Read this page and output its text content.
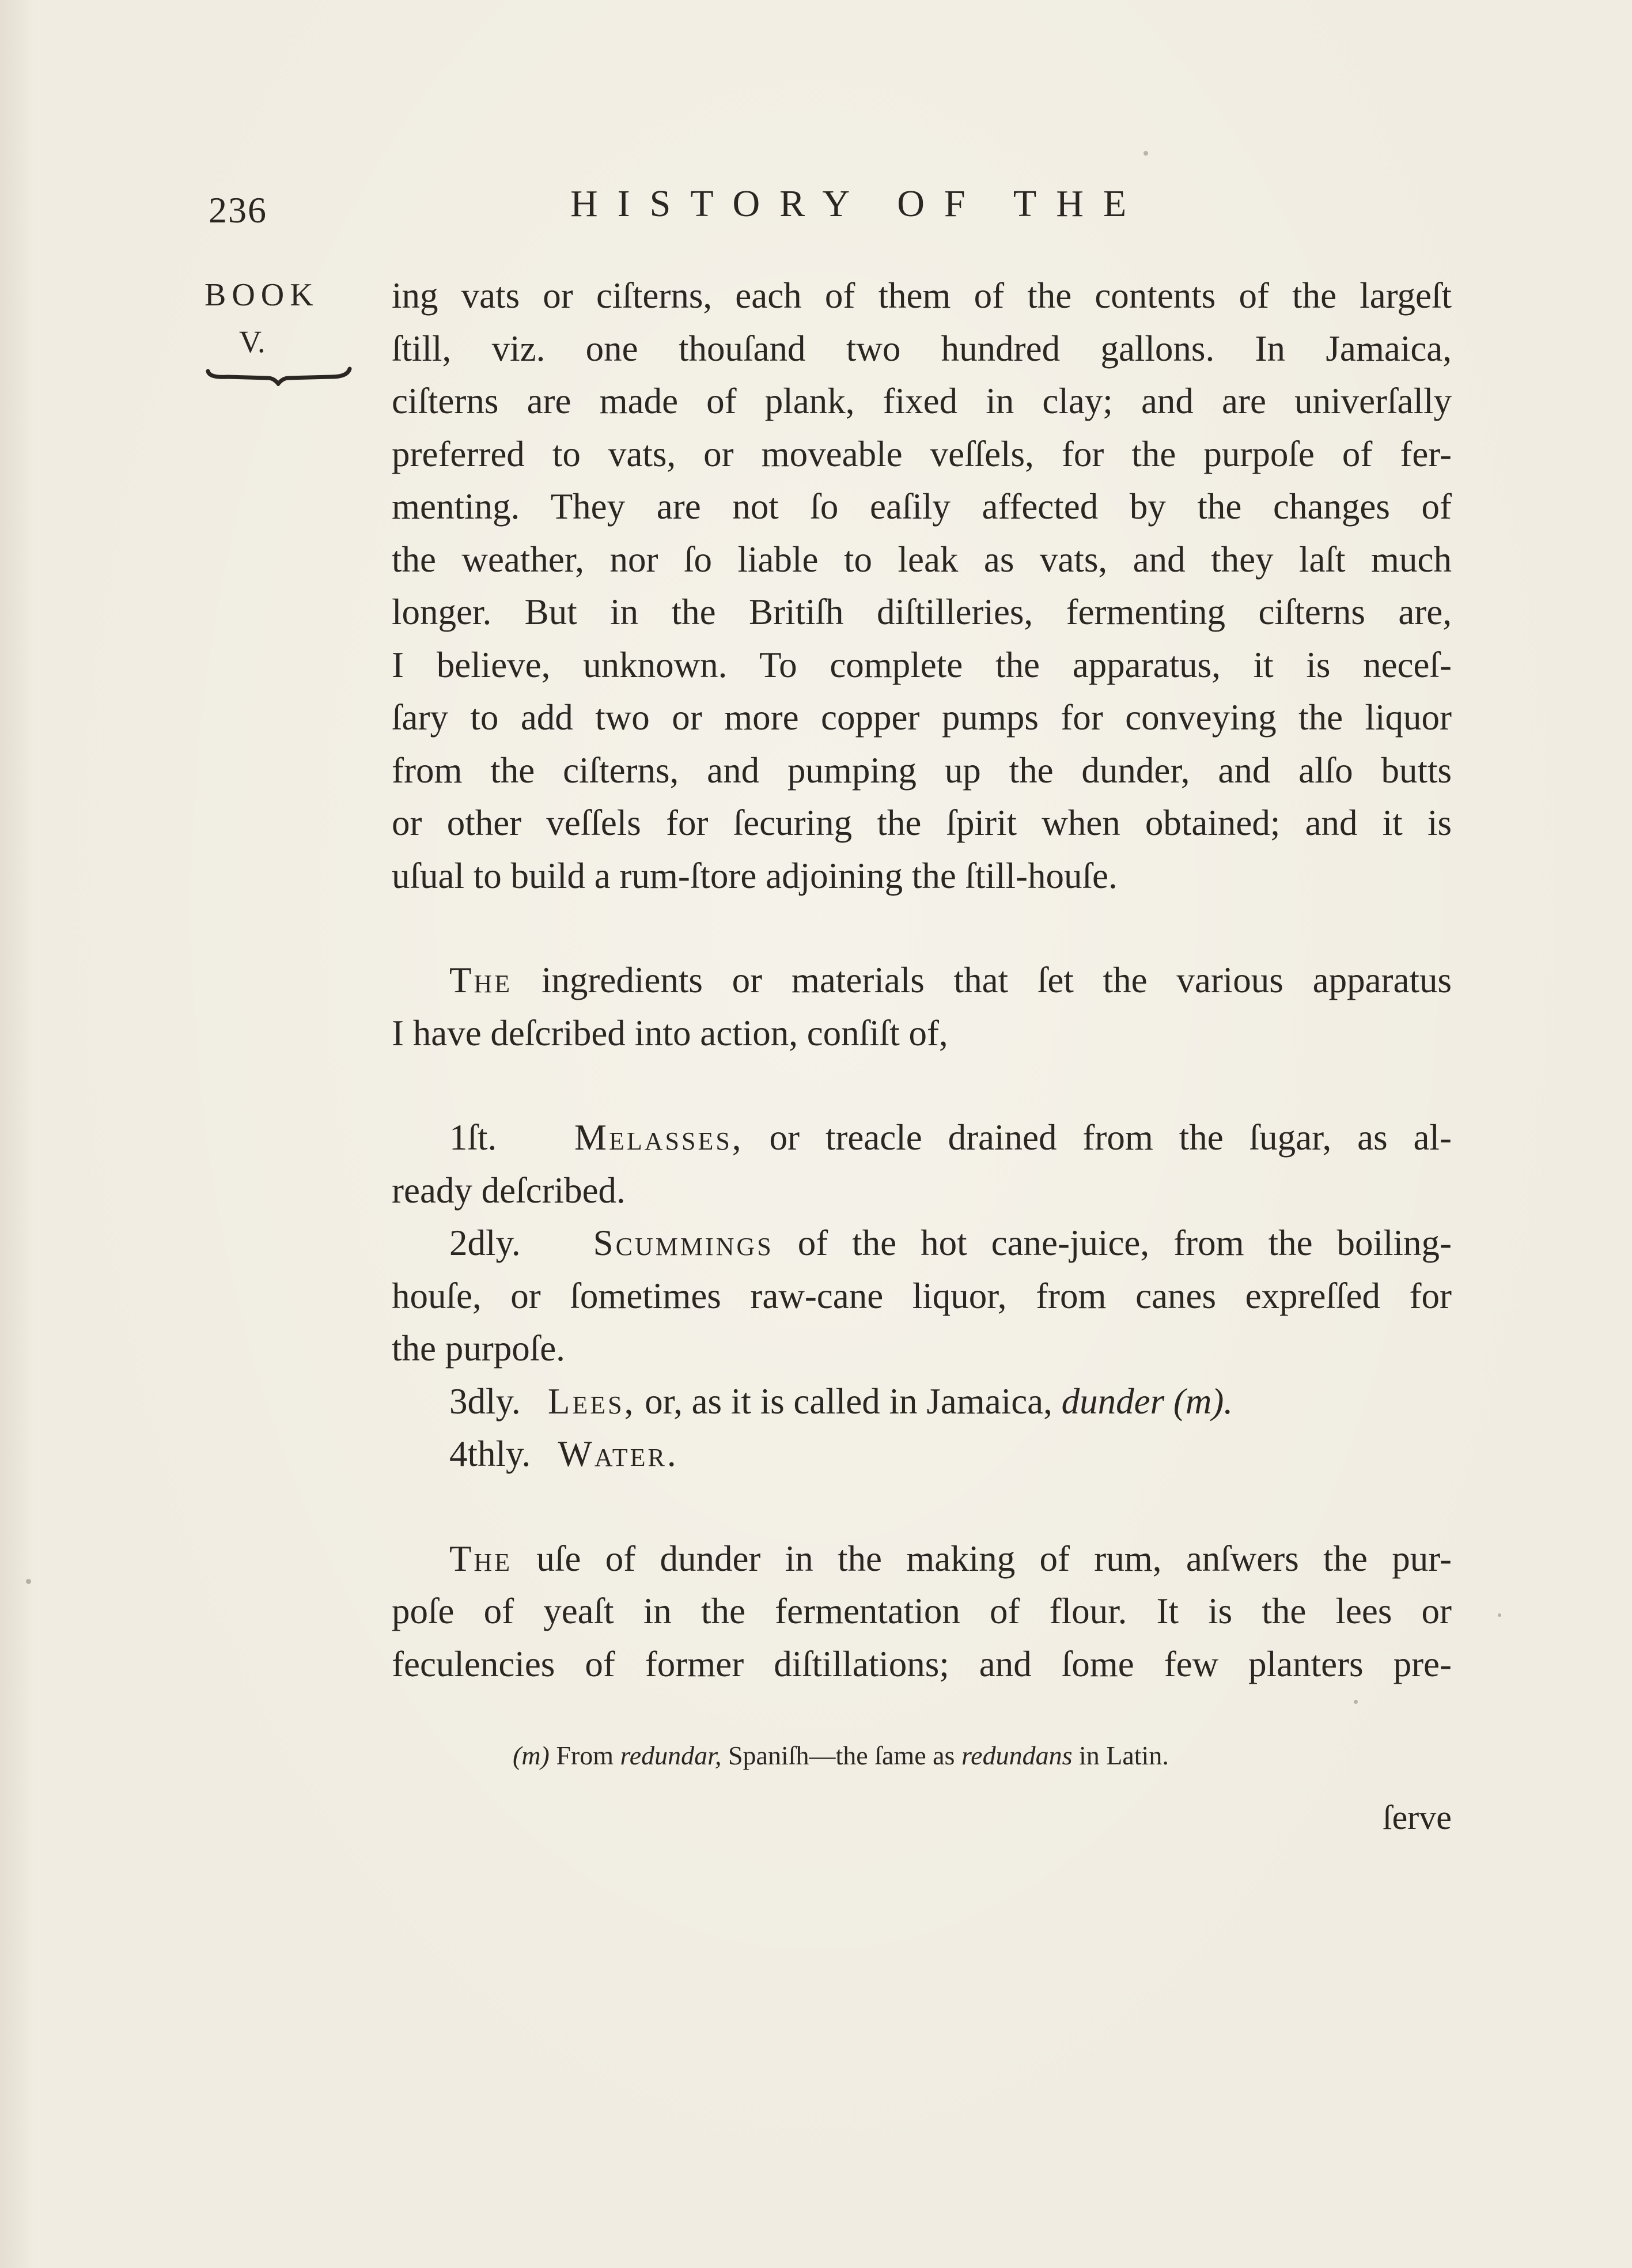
236	HISTORY OF THE
BOOK
V.
ing vats or ciſterns, each of them of the contents of the largeſt
ſtill, viz. one thouſand two hundred gallons. In Jamaica,
ciſterns are made of plank, fixed in clay; and are univerſally
preferred to vats, or moveable veſſels, for the purpoſe of fer-
menting. They are not ſo eaſily affected by the changes of
the weather, nor ſo liable to leak as vats, and they laſt much
longer. But in the Britiſh diſtilleries, fermenting ciſterns are,
I believe, unknown. To complete the apparatus, it is neceſ-
ſary to add two or more copper pumps for conveying the liquor
from the ciſterns, and pumping up the dunder, and alſo butts
or other veſſels for ſecuring the ſpirit when obtained; and it is
uſual to build a rum-ſtore adjoining the ſtill-houſe.
The ingredients or materials that ſet the various apparatus
I have deſcribed into action, conſiſt of,
1ſt. Melasses, or treacle drained from the ſugar, as al-
ready deſcribed.
2dly. Scummings of the hot cane-juice, from the boiling-
houſe, or ſometimes raw-cane liquor, from canes expreſſed for
the purpoſe.
3dly. Lees, or, as it is called in Jamaica, dunder (m).
4thly. Water.
The uſe of dunder in the making of rum, anſwers the pur-
poſe of yeaſt in the fermentation of flour. It is the lees or
feculencies of former diſtillations; and ſome few planters pre-
(m) From redundar, Spaniſh—the ſame as redundans in Latin.
ſerve
